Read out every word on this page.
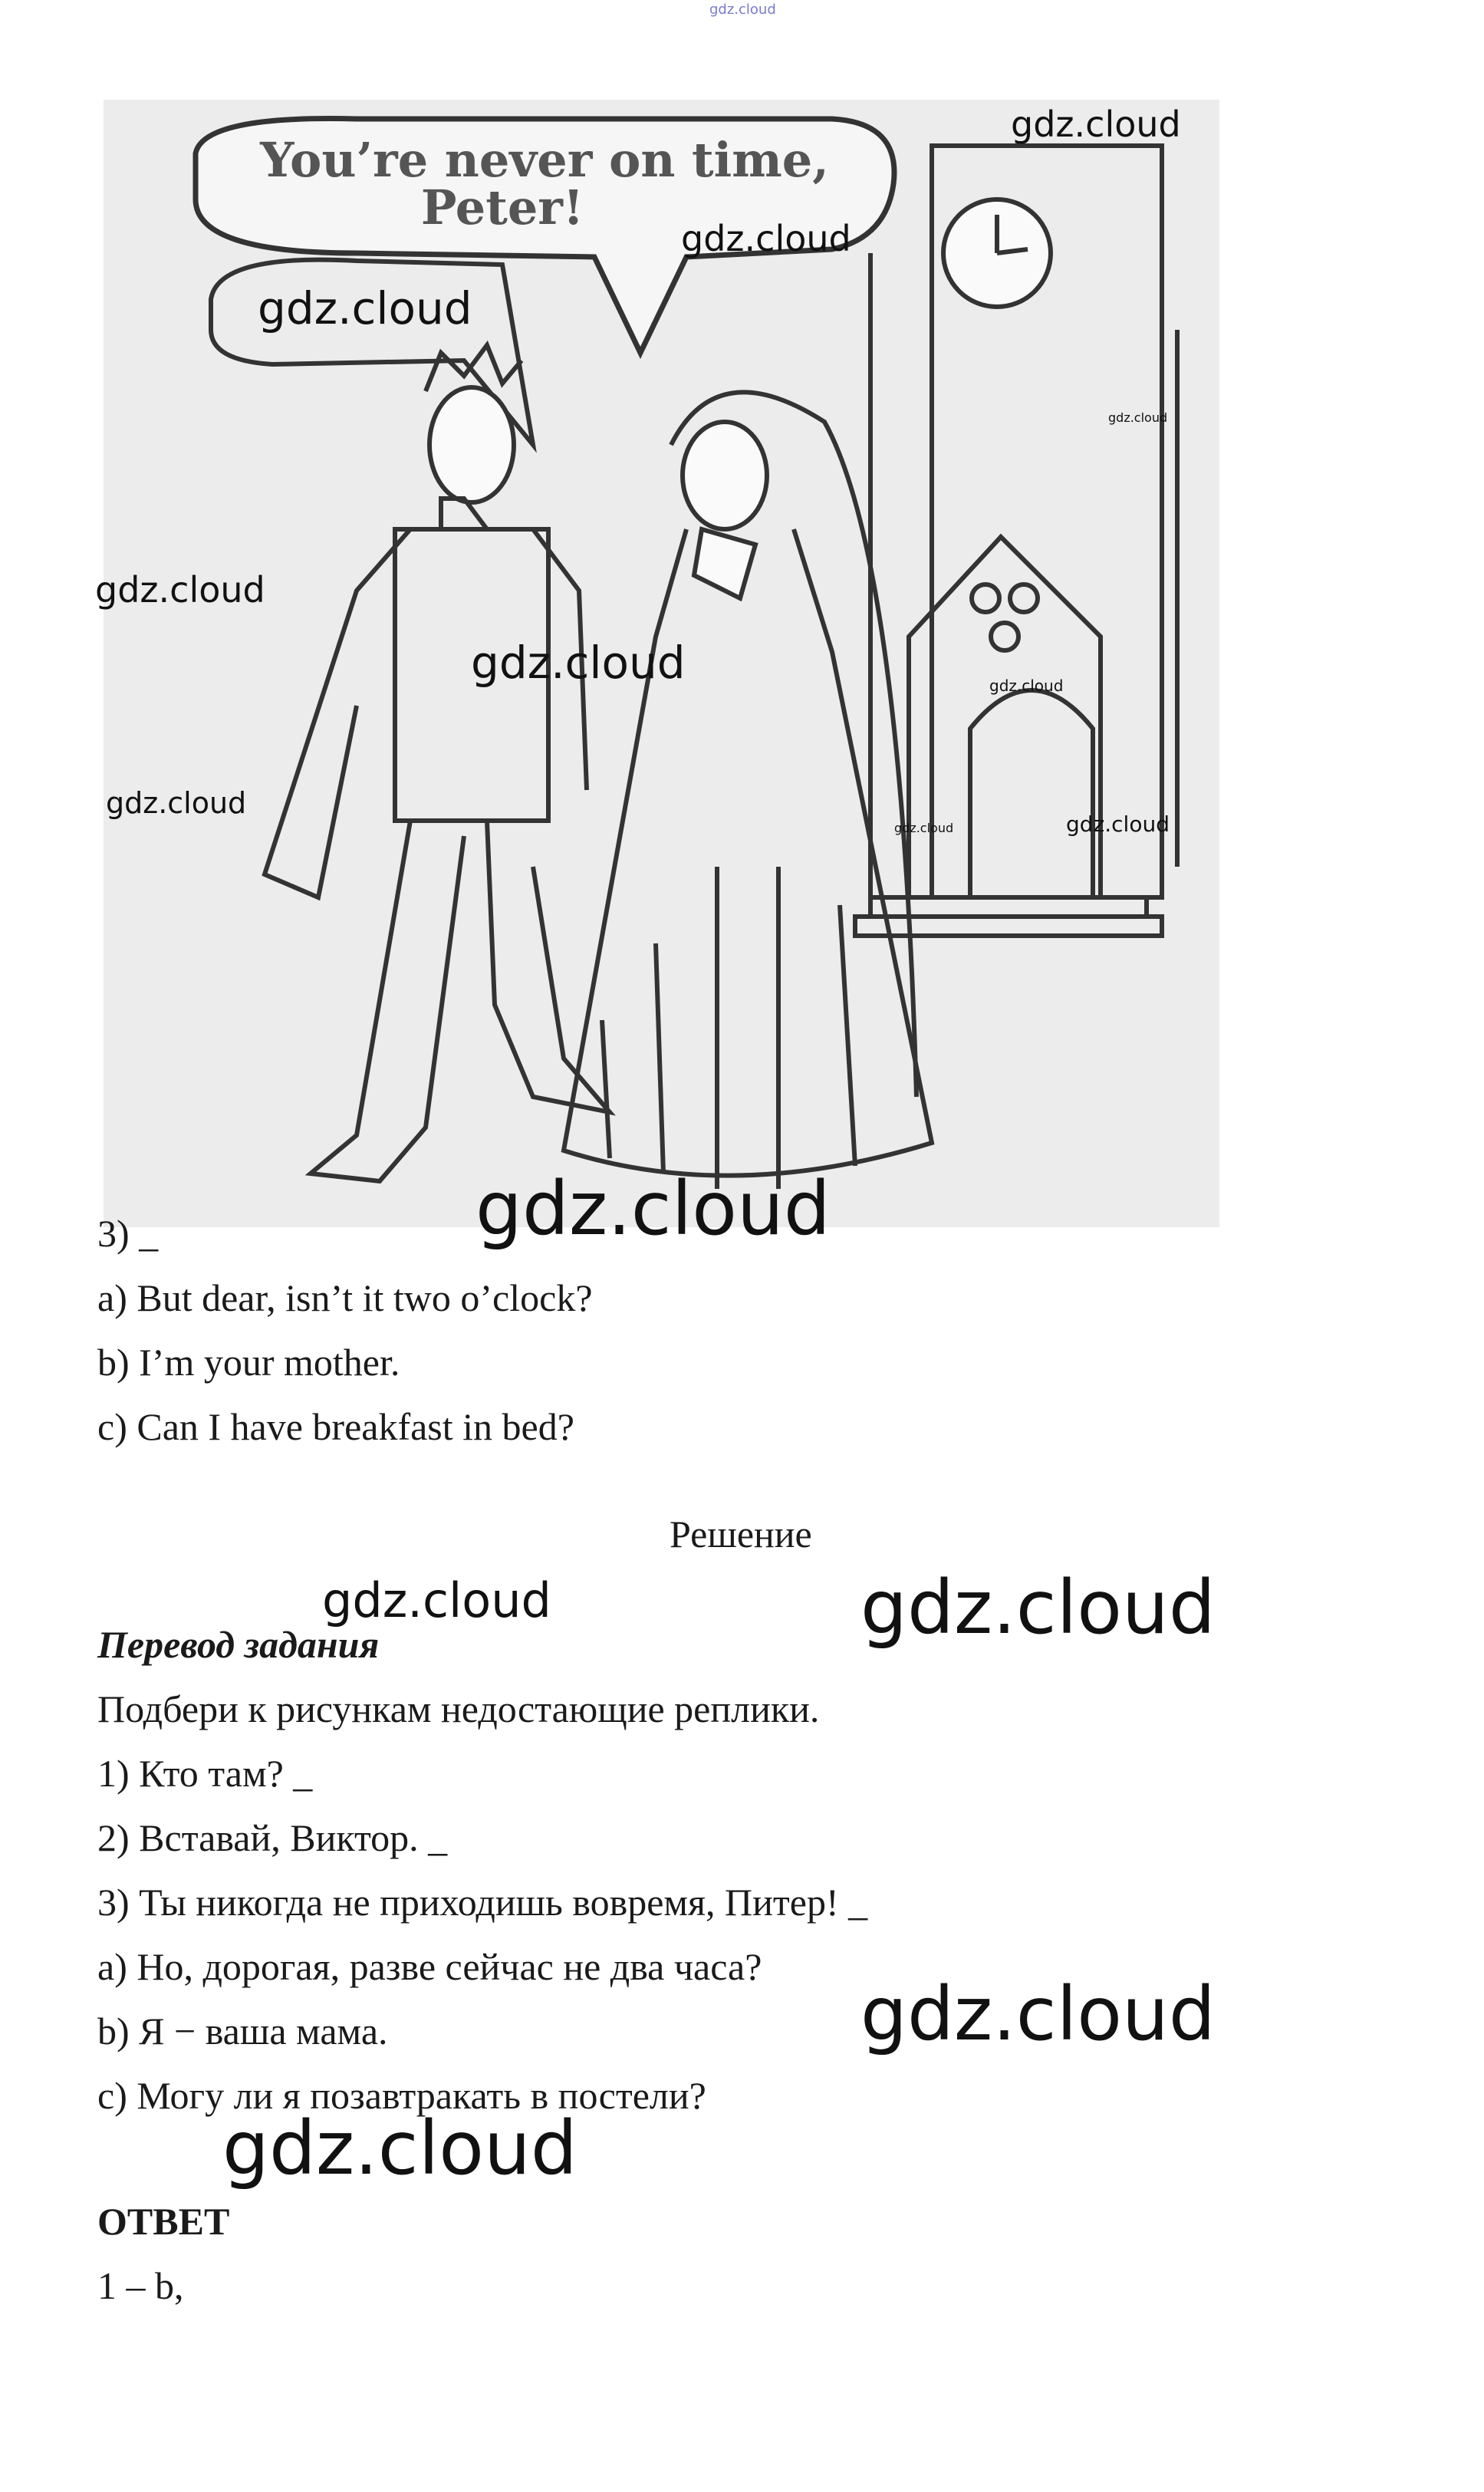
gdz.cloud
You’re never on time,
Peter!
gdz.cloud
gdz.cloud
gdz.cloud
gdz.cloud
gdz.cloud
gdz.cloud	gdz.cloud
gdz.cloud
gdz.cloud
gdz.cloud
3) _	gdz.cloud
a) But dear, isn’t it two o’clock?
b) I’m your mother.
c) Can I have breakfast in bed?
Решение
gdz.cloud	gdz.cloud
Перевод задания
Подбери к рисункам недостающие реплики.
1) Кто там? _
2) Вставай, Виктор. _
3) Ты никогда не приходишь вовремя, Питер! _
a) Но, дорогая, разве сейчас не два часа?
gdz.cloud
b) Я − ваша мама.
c) Могу ли я позавтракать в постели?
gdz.cloud
ОТВЕТ
1 – b,
